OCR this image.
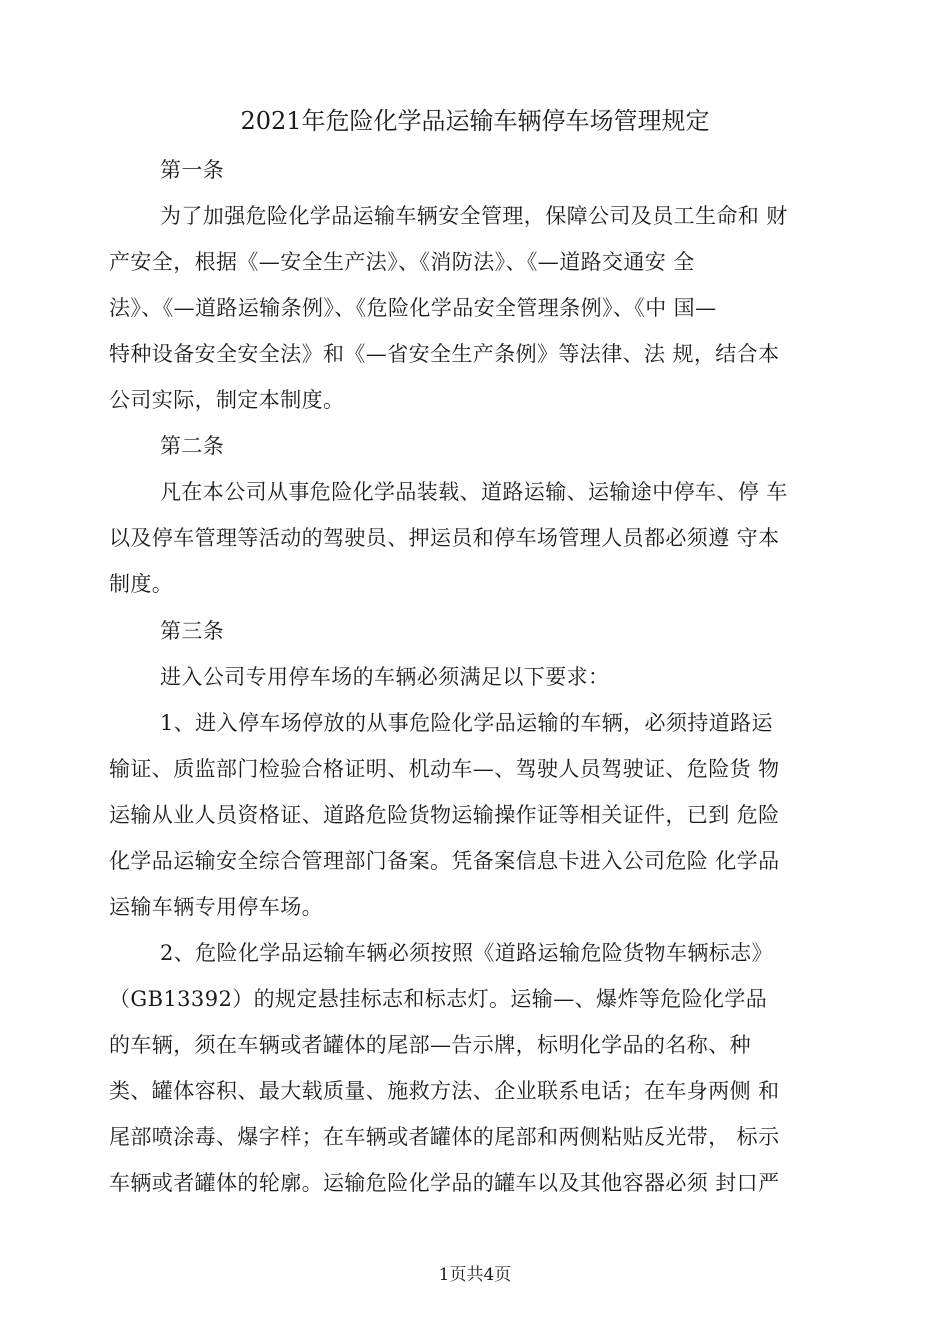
2021年危险化学品运输车辆停车场管理规定
第一条
为了加强危险化学品运输车辆安全管理，保障公司及员工生命和 财
产安全，根据《—安全生产法》、《消防法》、《—道路交通安 全
法》、《—道路运输条例》、《危险化学品安全管理条例》、《中 国—
特种设备安全安全法》和《—省安全生产条例》等法律、法 规，结合本
公司实际，制定本制度。
第二条
凡在本公司从事危险化学品装载、道路运输、运输途中停车、停 车
以及停车管理等活动的驾驶员、押运员和停车场管理人员都必须遵 守本
制度。
第三条
进入公司专用停车场的车辆必须满足以下要求：
1、进入停车场停放的从事危险化学品运输的车辆，必须持道路运
输证、质监部门检验合格证明、机动车—、驾驶人员驾驶证、危险货 物
运输从业人员资格证、道路危险货物运输操作证等相关证件，已到 危险
化学品运输安全综合管理部门备案。凭备案信息卡进入公司危险 化学品
运输车辆专用停车场。
2、危险化学品运输车辆必须按照《道路运输危险货物车辆标志》
（GB13392）的规定悬挂标志和标志灯。运输—、爆炸等危险化学品
的车辆，须在车辆或者罐体的尾部—告示牌，标明化学品的名称、种
类、罐体容积、最大载质量、施救方法、企业联系电话；在车身两侧 和
尾部喷涂毒、爆字样；在车辆或者罐体的尾部和两侧粘贴反光带， 标示
车辆或者罐体的轮廓。运输危险化学品的罐车以及其他容器必须 封口严
1页共4页
